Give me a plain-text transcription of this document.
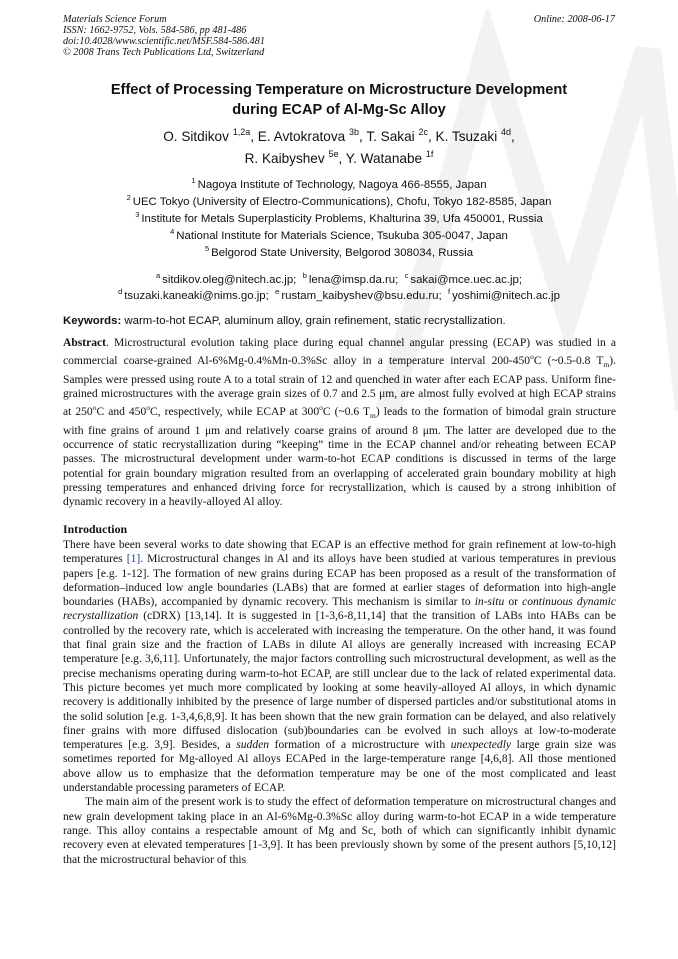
Materials Science Forum
ISSN: 1662-9752, Vols. 584-586, pp 481-486
doi:10.4028/www.scientific.net/MSF.584-586.481
© 2008 Trans Tech Publications Ltd, Switzerland
Online: 2008-06-17
Effect of Processing Temperature on Microstructure Development
during ECAP of Al-Mg-Sc Alloy
O. Sitdikov $^{1,2a}$, E. Avtokratova $^{3b}$, T. Sakai $^{2c}$, K. Tsuzaki $^{4d}$,
R. Kaibyshev $^{5e}$, Y. Watanabe $^{1f}$
$^1$ Nagoya Institute of Technology, Nagoya 466-8555, Japan
$^2$ UEC Tokyo (University of Electro-Communications), Chofu, Tokyo 182-8585, Japan
$^3$ Institute for Metals Superplasticity Problems, Khalturina 39, Ufa 450001, Russia
$^4$ National Institute for Materials Science, Tsukuba 305-0047, Japan
$^5$ Belgorod State University, Belgorod 308034, Russia
$^a$ sitdikov.oleg@nitech.ac.jp; $^b$ lena@imsp.da.ru; $^c$ sakai@mce.uec.ac.jp;
$^d$ tsuzaki.kaneaki@nims.go.jp; $^e$ rustam_kaibyshev@bsu.edu.ru; $^f$ yoshimi@nitech.ac.jp
Keywords: warm-to-hot ECAP, aluminum alloy, grain refinement, static recrystallization.
Abstract. Microstructural evolution taking place during equal channel angular pressing (ECAP) was studied in a commercial coarse-grained Al-6%Mg-0.4%Mn-0.3%Sc alloy in a temperature interval 200-450$^o$C (~0.5-0.8 $T_m$). Samples were pressed using route A to a total strain of 12 and quenched in water after each ECAP pass. Uniform fine-grained microstructures with the average grain sizes of 0.7 and 2.5 μm, are almost fully evolved at high ECAP strains at 250$^o$C and 450$^o$C, respectively, while ECAP at 300$^o$C (~0.6 $T_m$) leads to the formation of bimodal grain structure with fine grains of around 1 μm and relatively coarse grains of around 8 μm. The latter are developed due to the occurrence of static recrystallization during “keeping” time in the ECAP channel and/or reheating between ECAP passes. The microstructural development under warm-to-hot ECAP conditions is discussed in terms of the large potential for grain boundary migration resulted from an overlapping of accelerated grain boundary mobility at high pressing temperatures and enhanced driving force for recrystallization, which is caused by a strong inhibition of dynamic recovery in a heavily-alloyed Al alloy.
Introduction

There have been several works to date showing that ECAP is an effective method for grain refinement at low-to-high temperatures [1]. Microstructural changes in Al and its alloys have been studied at various temperatures in previous papers [e.g. 1-12]. The formation of new grains during ECAP has been proposed as a result of the transformation of deformation–induced low angle boundaries (LABs) that are formed at earlier stages of deformation into high-angle boundaries (HABs), accompanied by dynamic recovery. This mechanism is similar to in-situ or continuous dynamic recrystallization (cDRX) [13,14]. It is suggested in [1-3,6-8,11,14] that the transition of LABs into HABs can be controlled by the recovery rate, which is accelerated with increasing the temperature. On the other hand, it was found that final grain size and the fraction of LABs in dilute Al alloys are generally increased with increasing ECAP temperature [e.g. 3,6,11]. Unfortunately, the major factors controlling such microstructural development, as well as the precise mechanisms operating during warm-to-hot ECAP, are still unclear due to the lack of related experimental data. This picture becomes yet much more complicated by looking at some heavily-alloyed Al alloys, in which dynamic recovery is additionally inhibited by the presence of large number of dispersed particles and/or substitutional atoms in the solid solution [e.g. 1-3,4,6,8,9]. It has been shown that the new grain formation can be delayed, and also relatively finer grains with more diffused dislocation (sub)boundaries can be evolved in such alloys at low-to-moderate temperatures [e.g. 3,9]. Besides, a sudden formation of a microstructure with unexpectedly large grain size was sometimes reported for Mg-alloyed Al alloys ECAPed in the large-temperature range [4,6,8]. All those mentioned above allow us to emphasize that the deformation temperature may be one of the most complicated and least understandable processing parameters of ECAP.

The main aim of the present work is to study the effect of deformation temperature on microstructural changes and new grain development taking place in an Al-6%Mg-0.3%Sc alloy during warm-to-hot ECAP in a wide temperature range. This alloy contains a respectable amount of Mg and Sc, both of which can significantly inhibit dynamic recovery even at elevated temperatures [1-3,9]. It has been previously shown by some of the present authors [5,10,12] that the microstructural behavior of this
